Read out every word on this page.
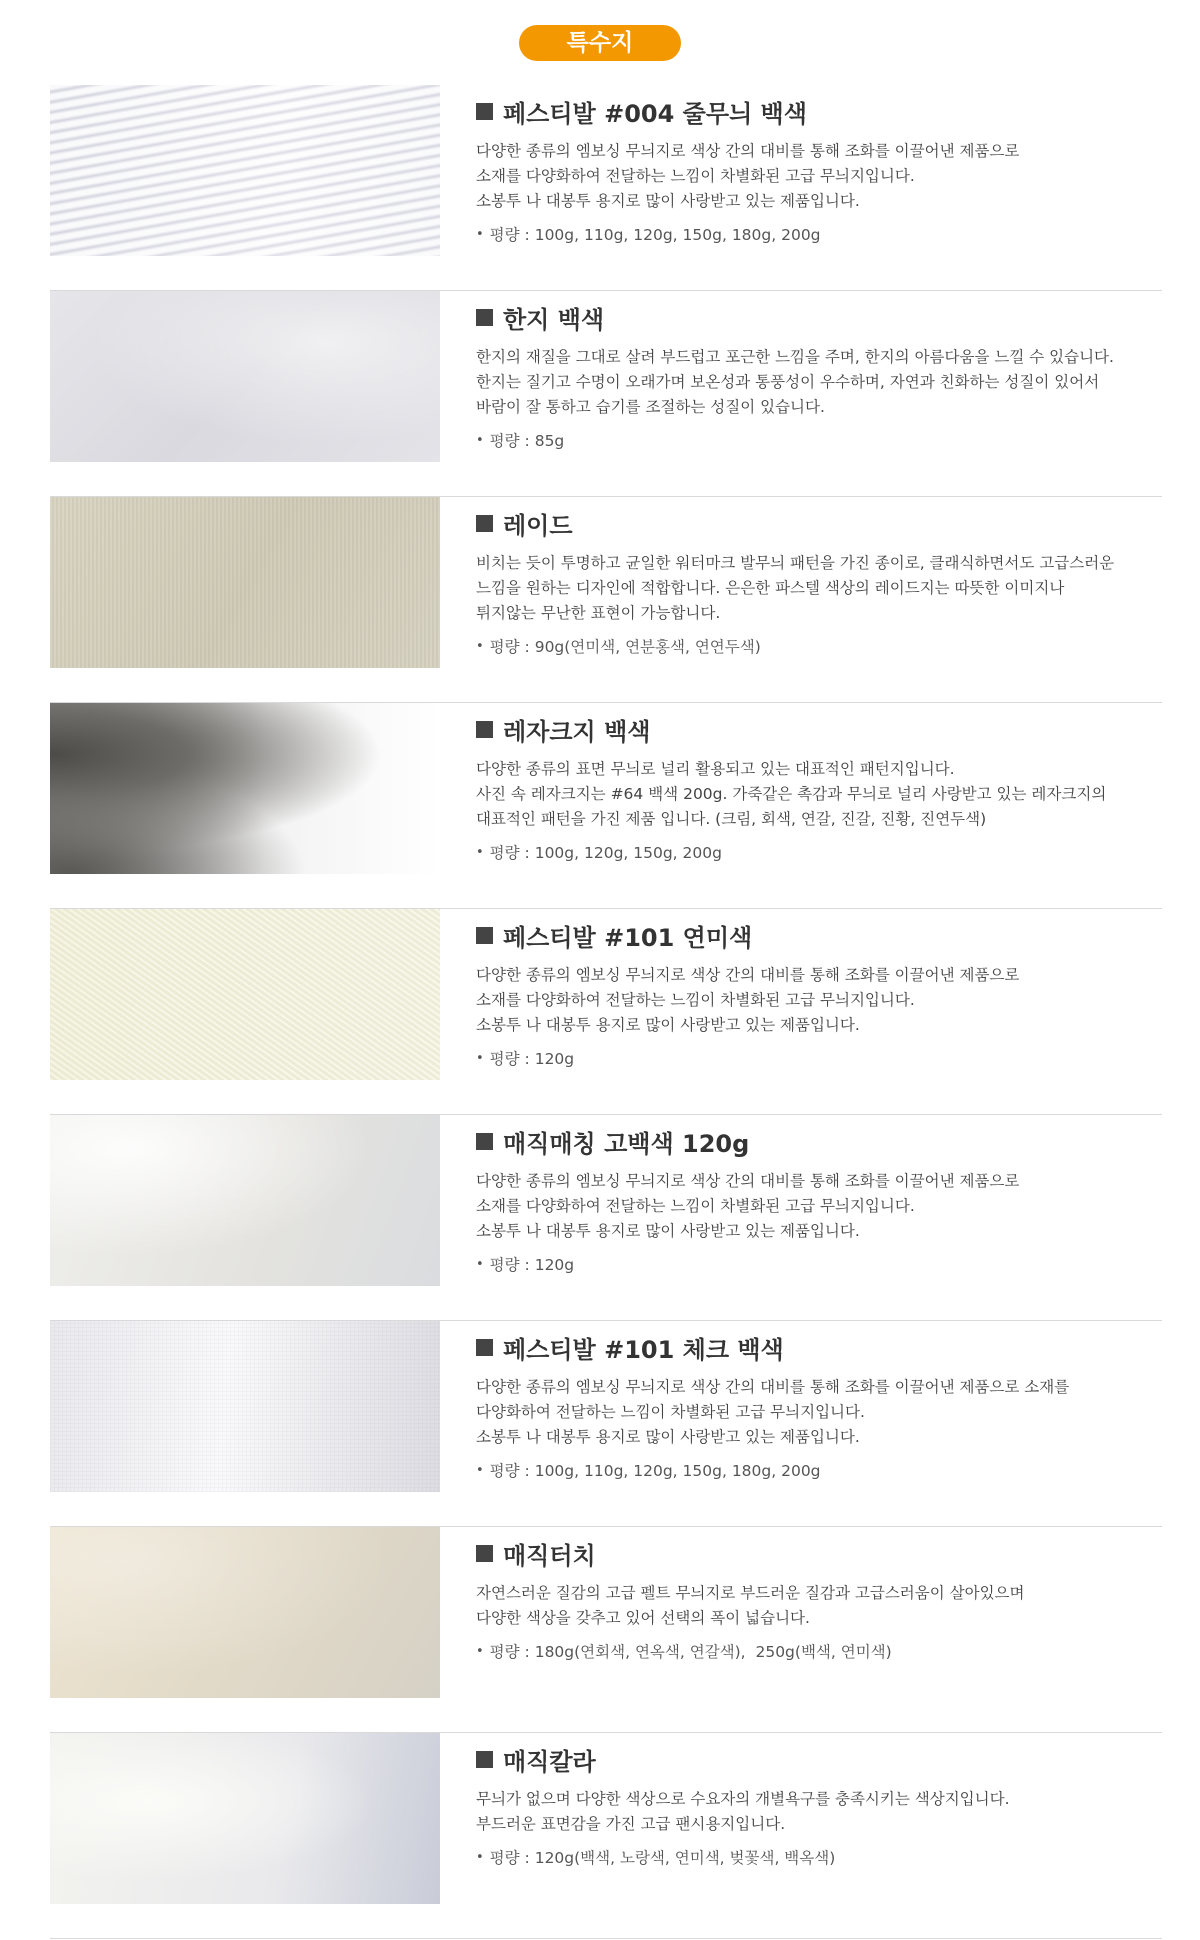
특수지
페스티발 #004 줄무늬 백색
다양한 종류의 엠보싱 무늬지로 색상 간의 대비를 통해 조화를 이끌어낸 제품으로
소재를 다양화하여 전달하는 느낌이 차별화된 고급 무늬지입니다.
소봉투 나 대봉투 용지로 많이 사랑받고 있는 제품입니다.
• 평량 : 100g, 110g, 120g, 150g, 180g, 200g
한지 백색
한지의 재질을 그대로 살려 부드럽고 포근한 느낌을 주며, 한지의 아름다움을 느낄 수 있습니다.
한지는 질기고 수명이 오래가며 보온성과 통풍성이 우수하며, 자연과 친화하는 성질이 있어서
바람이 잘 통하고 습기를 조절하는 성질이 있습니다.
• 평량 : 85g
레이드
비치는 듯이 투명하고 균일한 워터마크 발무늬 패턴을 가진 종이로, 클래식하면서도 고급스러운
느낌을 원하는 디자인에 적합합니다. 은은한 파스텔 색상의 레이드지는 따뜻한 이미지나
튀지않는 무난한 표현이 가능합니다.
• 평량 : 90g(연미색, 연분홍색, 연연두색)
레자크지 백색
다양한 종류의 표면 무늬로 널리 활용되고 있는 대표적인 패턴지입니다.
사진 속 레자크지는 #64 백색 200g. 가죽같은 촉감과 무늬로 널리 사랑받고 있는 레자크지의
대표적인 패턴을 가진 제품 입니다. (크림, 회색, 연갈, 진갈, 진황, 진연두색)
• 평량 : 100g, 120g, 150g, 200g
페스티발 #101 연미색
다양한 종류의 엠보싱 무늬지로 색상 간의 대비를 통해 조화를 이끌어낸 제품으로
소재를 다양화하여 전달하는 느낌이 차별화된 고급 무늬지입니다.
소봉투 나 대봉투 용지로 많이 사랑받고 있는 제품입니다.
• 평량 : 120g
매직매칭 고백색 120g
다양한 종류의 엠보싱 무늬지로 색상 간의 대비를 통해 조화를 이끌어낸 제품으로
소재를 다양화하여 전달하는 느낌이 차별화된 고급 무늬지입니다.
소봉투 나 대봉투 용지로 많이 사랑받고 있는 제품입니다.
• 평량 : 120g
페스티발 #101 체크 백색
다양한 종류의 엠보싱 무늬지로 색상 간의 대비를 통해 조화를 이끌어낸 제품으로 소재를
다양화하여 전달하는 느낌이 차별화된 고급 무늬지입니다.
소봉투 나 대봉투 용지로 많이 사랑받고 있는 제품입니다.
• 평량 : 100g, 110g, 120g, 150g, 180g, 200g
매직터치
자연스러운 질감의 고급 펠트 무늬지로 부드러운 질감과 고급스러움이 살아있으며
다양한 색상을 갖추고 있어 선택의 폭이 넓습니다.
• 평량 : 180g(연회색, 연옥색, 연갈색),  250g(백색, 연미색)
매직칼라
무늬가 없으며 다양한 색상으로 수요자의 개별욕구를 충족시키는 색상지입니다.
부드러운 표면감을 가진 고급 팬시용지입니다.
• 평량 : 120g(백색, 노랑색, 연미색, 벚꽃색, 백옥색)
